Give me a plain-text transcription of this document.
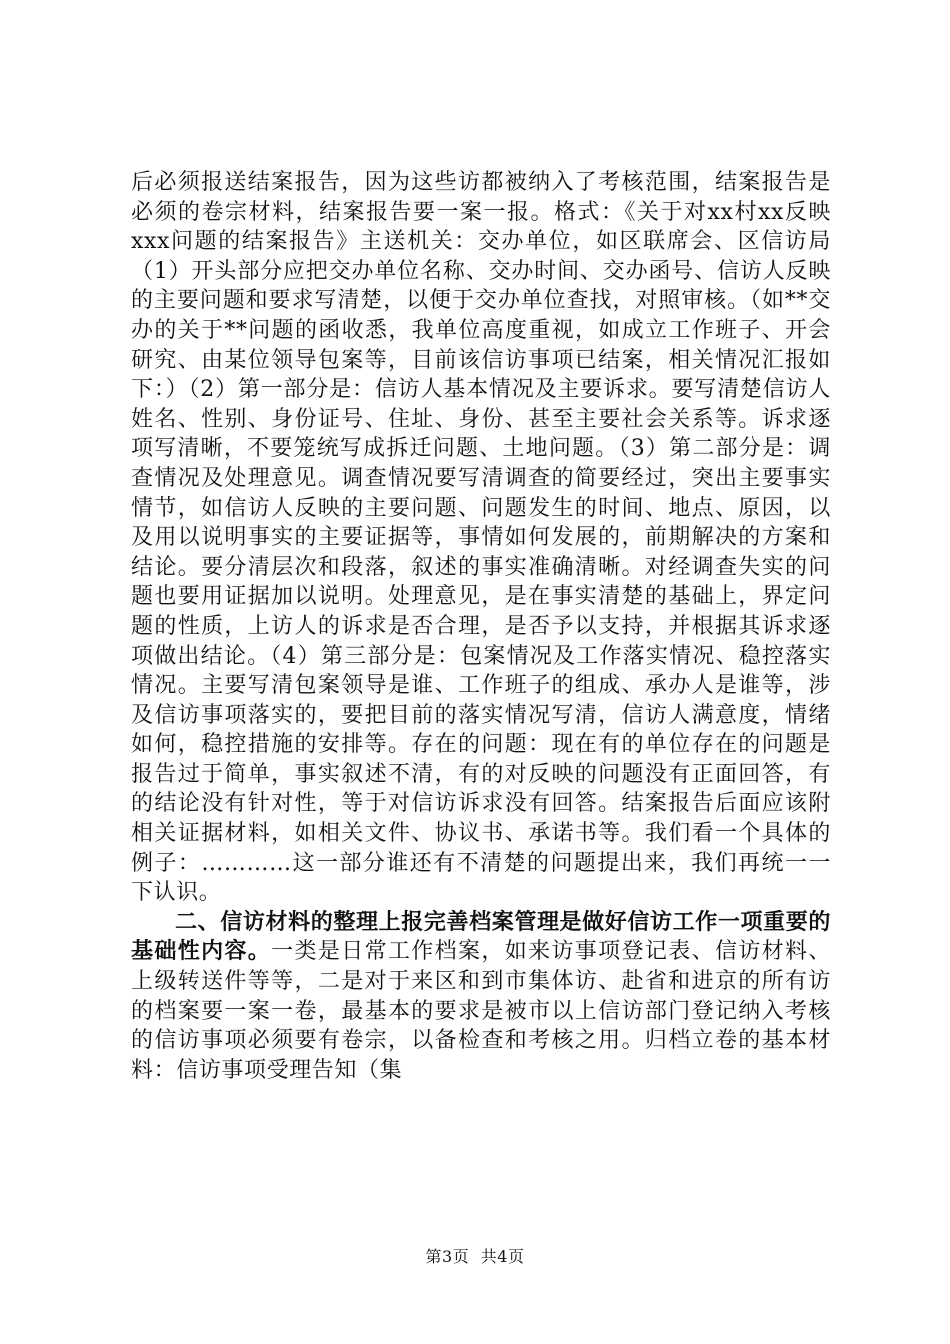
后必须报送结案报告，因为这些访都被纳入了考核范围，结案报告是必须的卷宗材料，结案报告要一案一报。格式：《关于对xx村xx反映xxx问题的结案报告》主送机关：交办单位，如区联席会、区信访局（1）开头部分应把交办单位名称、交办时间、交办函号、信访人反映的主要问题和要求写清楚，以便于交办单位查找，对照审核。（如**交办的关于**问题的函收悉，我单位高度重视，如成立工作班子、开会研究、由某位领导包案等，目前该信访事项已结案，相关情况汇报如下：）（2）第一部分是：信访人基本情况及主要诉求。要写清楚信访人姓名、性别、身份证号、住址、身份、甚至主要社会关系等。诉求逐项写清晰，不要笼统写成拆迁问题、土地问题。（3）第二部分是：调查情况及处理意见。调查情况要写清调查的简要经过，突出主要事实情节，如信访人反映的主要问题、问题发生的时间、地点、原因，以及用以说明事实的主要证据等，事情如何发展的，前期解决的方案和结论。要分清层次和段落，叙述的事实准确清晰。对经调查失实的问题也要用证据加以说明。处理意见，是在事实清楚的基础上，界定问题的性质，上访人的诉求是否合理，是否予以支持，并根据其诉求逐项做出结论。（4）第三部分是：包案情况及工作落实情况、稳控落实情况。主要写清包案领导是谁、工作班子的组成、承办人是谁等，涉及信访事项落实的，要把目前的落实情况写清，信访人满意度，情绪如何，稳控措施的安排等。存在的问题：现在有的单位存在的问题是报告过于简单，事实叙述不清，有的对反映的问题没有正面回答，有的结论没有针对性，等于对信访诉求没有回答。结案报告后面应该附相关证据材料，如相关文件、协议书、承诺书等。我们看一个具体的例子：…………这一部分谁还有不清楚的问题提出来，我们再统一一下认识。

二、信访材料的整理上报完善档案管理是做好信访工作一项重要的基础性内容。一类是日常工作档案，如来访事项登记表、信访材料、上级转送件等等，二是对于来区和到市集体访、赴省和进京的所有访的档案要一案一卷，最基本的要求是被市以上信访部门登记纳入考核的信访事项必须要有卷宗，以备检查和考核之用。归档立卷的基本材料：信访事项受理告知（集

第3页 共4页
